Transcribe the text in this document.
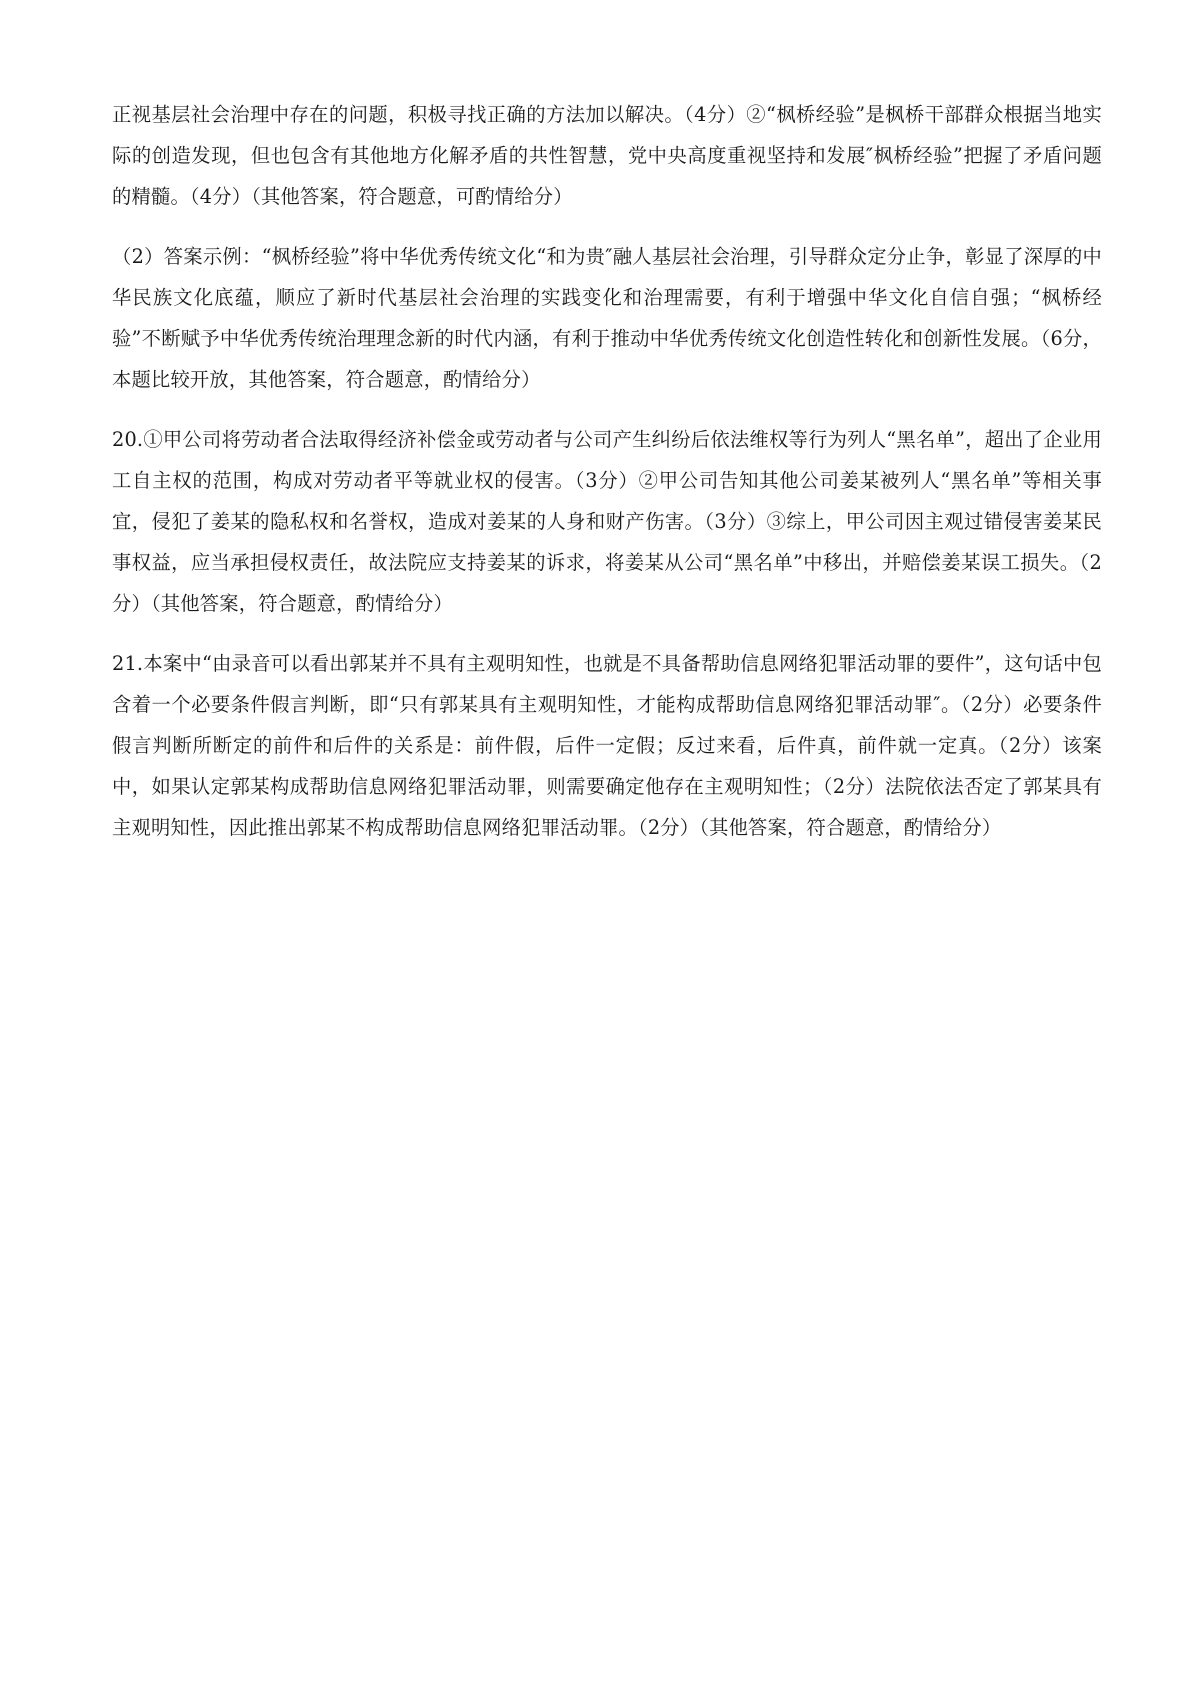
正视基层社会治理中存在的问题，积极寻找正确的方法加以解决。（4分）②“枫桥经验”是枫桥干部群众根据当地实际的创造发现，但也包含有其他地方化解矛盾的共性智慧，党中央高度重视坚持和发展″枫桥经验”把握了矛盾问题的精髓。（4分）（其他答案，符合题意，可酌情给分）

（2）答案示例：“枫桥经验”将中华优秀传统文化“和为贵″融人基层社会治理，引导群众定分止争，彰显了深厚的中华民族文化底蕴，顺应了新时代基层社会治理的实践变化和治理需要，有利于增强中华文化自信自强；“枫桥经验”不断赋予中华优秀传统治理理念新的时代内涵，有利于推动中华优秀传统文化创造性转化和创新性发展。（6分，本题比较开放，其他答案，符合题意，酌情给分）

20.①甲公司将劳动者合法取得经济补偿金或劳动者与公司产生纠纷后依法维权等行为列人“黑名单”，超出了企业用工自主权的范围，构成对劳动者平等就业权的侵害。（3分）②甲公司告知其他公司姜某被列人“黑名单”等相关事宜，侵犯了姜某的隐私权和名誉权，造成对姜某的人身和财产伤害。（3分）③综上，甲公司因主观过错侵害姜某民事权益，应当承担侵权责任，故法院应支持姜某的诉求，将姜某从公司“黑名单”中移出，并赔偿姜某误工损失。（2分）（其他答案，符合题意，酌情给分）

21.本案中“由录音可以看出郭某并不具有主观明知性，也就是不具备帮助信息网络犯罪活动罪的要件”，这句话中包含着一个必要条件假言判断，即“只有郭某具有主观明知性，才能构成帮助信息网络犯罪活动罪″。（2分）必要条件假言判断所断定的前件和后件的关系是：前件假，后件一定假；反过来看，后件真，前件就一定真。（2分）该案中，如果认定郭某构成帮助信息网络犯罪活动罪，则需要确定他存在主观明知性；（2分）法院依法否定了郭某具有主观明知性，因此推出郭某不构成帮助信息网络犯罪活动罪。（2分）（其他答案，符合题意，酌情给分）
